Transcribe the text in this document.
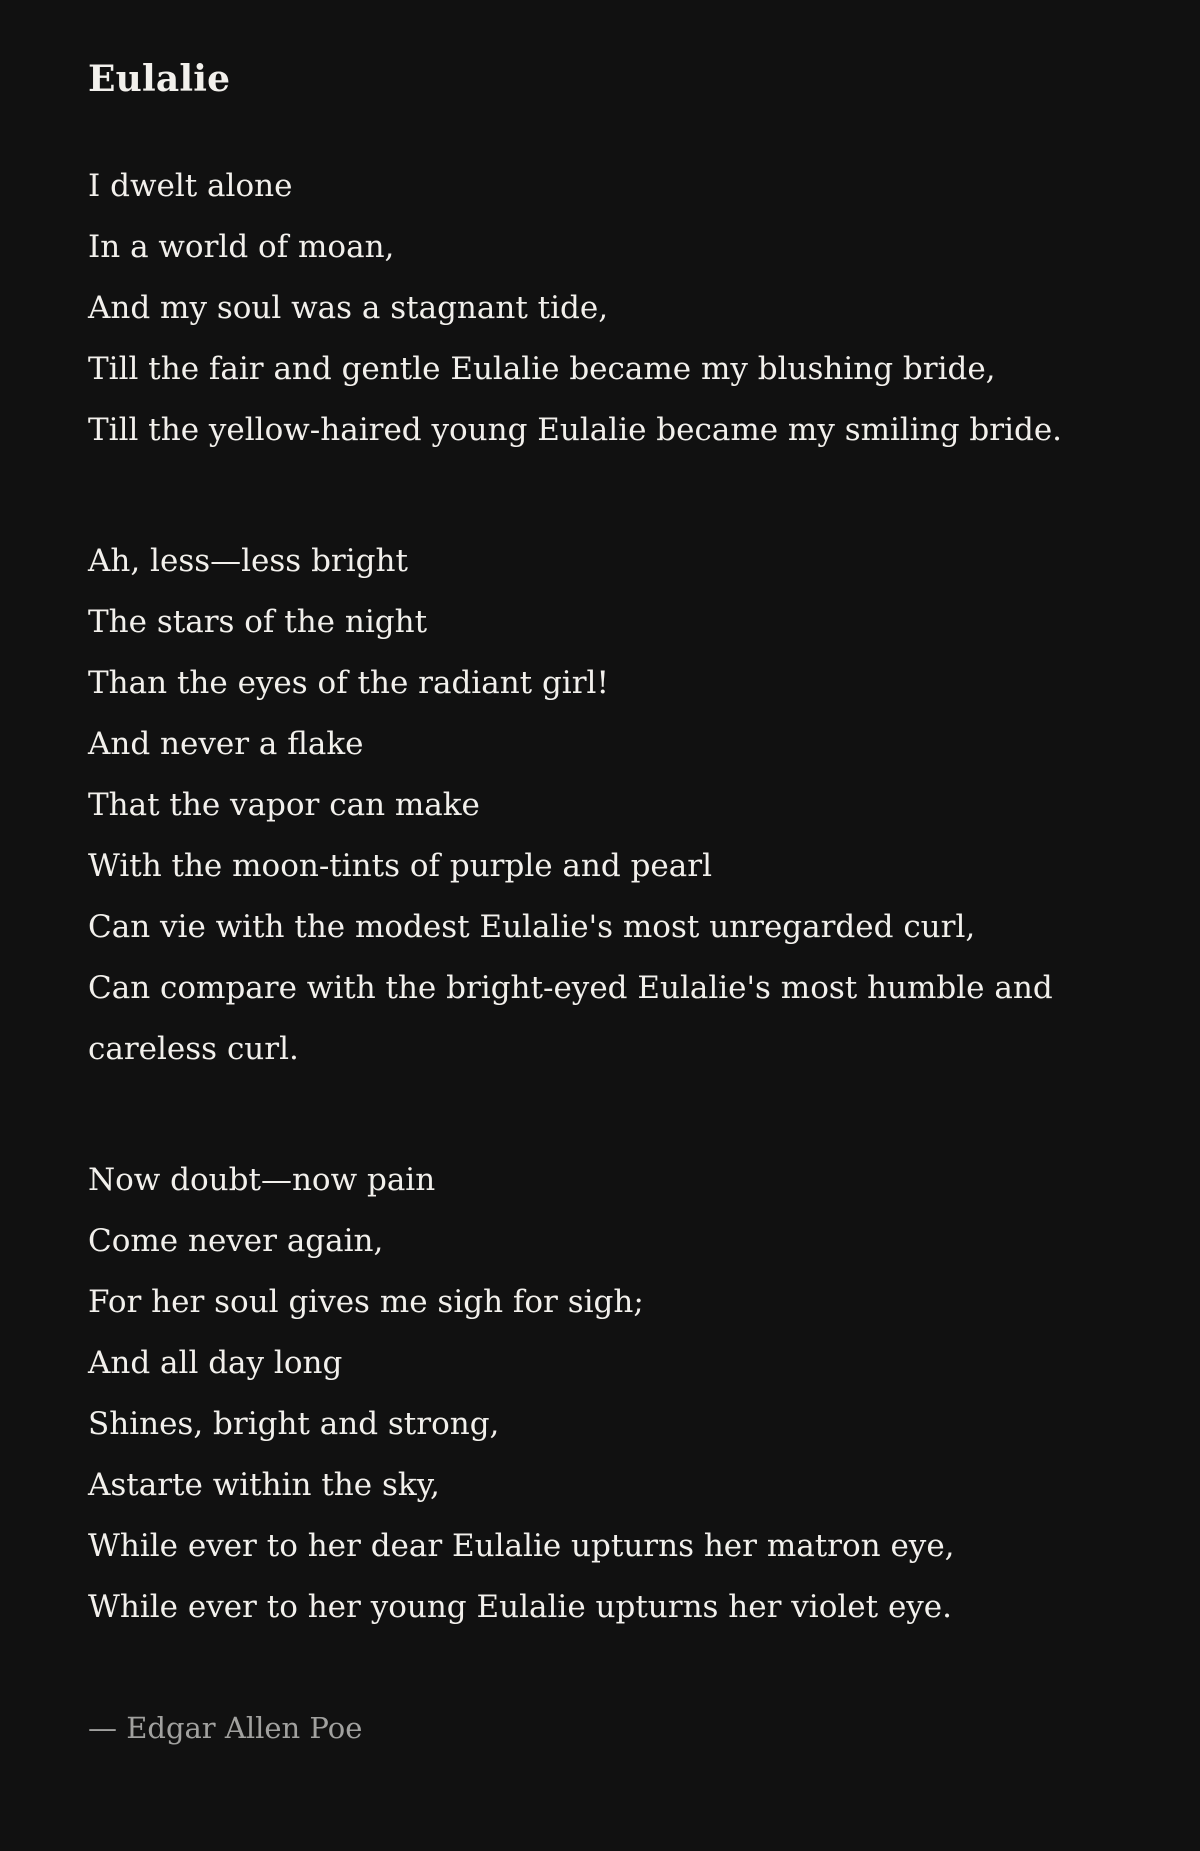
Eulalie
I dwelt alone
In a world of moan,
And my soul was a stagnant tide,
Till the fair and gentle Eulalie became my blushing bride,
Till the yellow-haired young Eulalie became my smiling bride.
Ah, less—less bright
The stars of the night
Than the eyes of the radiant girl!
And never a flake
That the vapor can make
With the moon-tints of purple and pearl
Can vie with the modest Eulalie's most unregarded curl,
Can compare with the bright-eyed Eulalie's most humble and
careless curl.
Now doubt—now pain
Come never again,
For her soul gives me sigh for sigh;
And all day long
Shines, bright and strong,
Astarte within the sky,
While ever to her dear Eulalie upturns her matron eye,
While ever to her young Eulalie upturns her violet eye.
— Edgar Allen Poe
